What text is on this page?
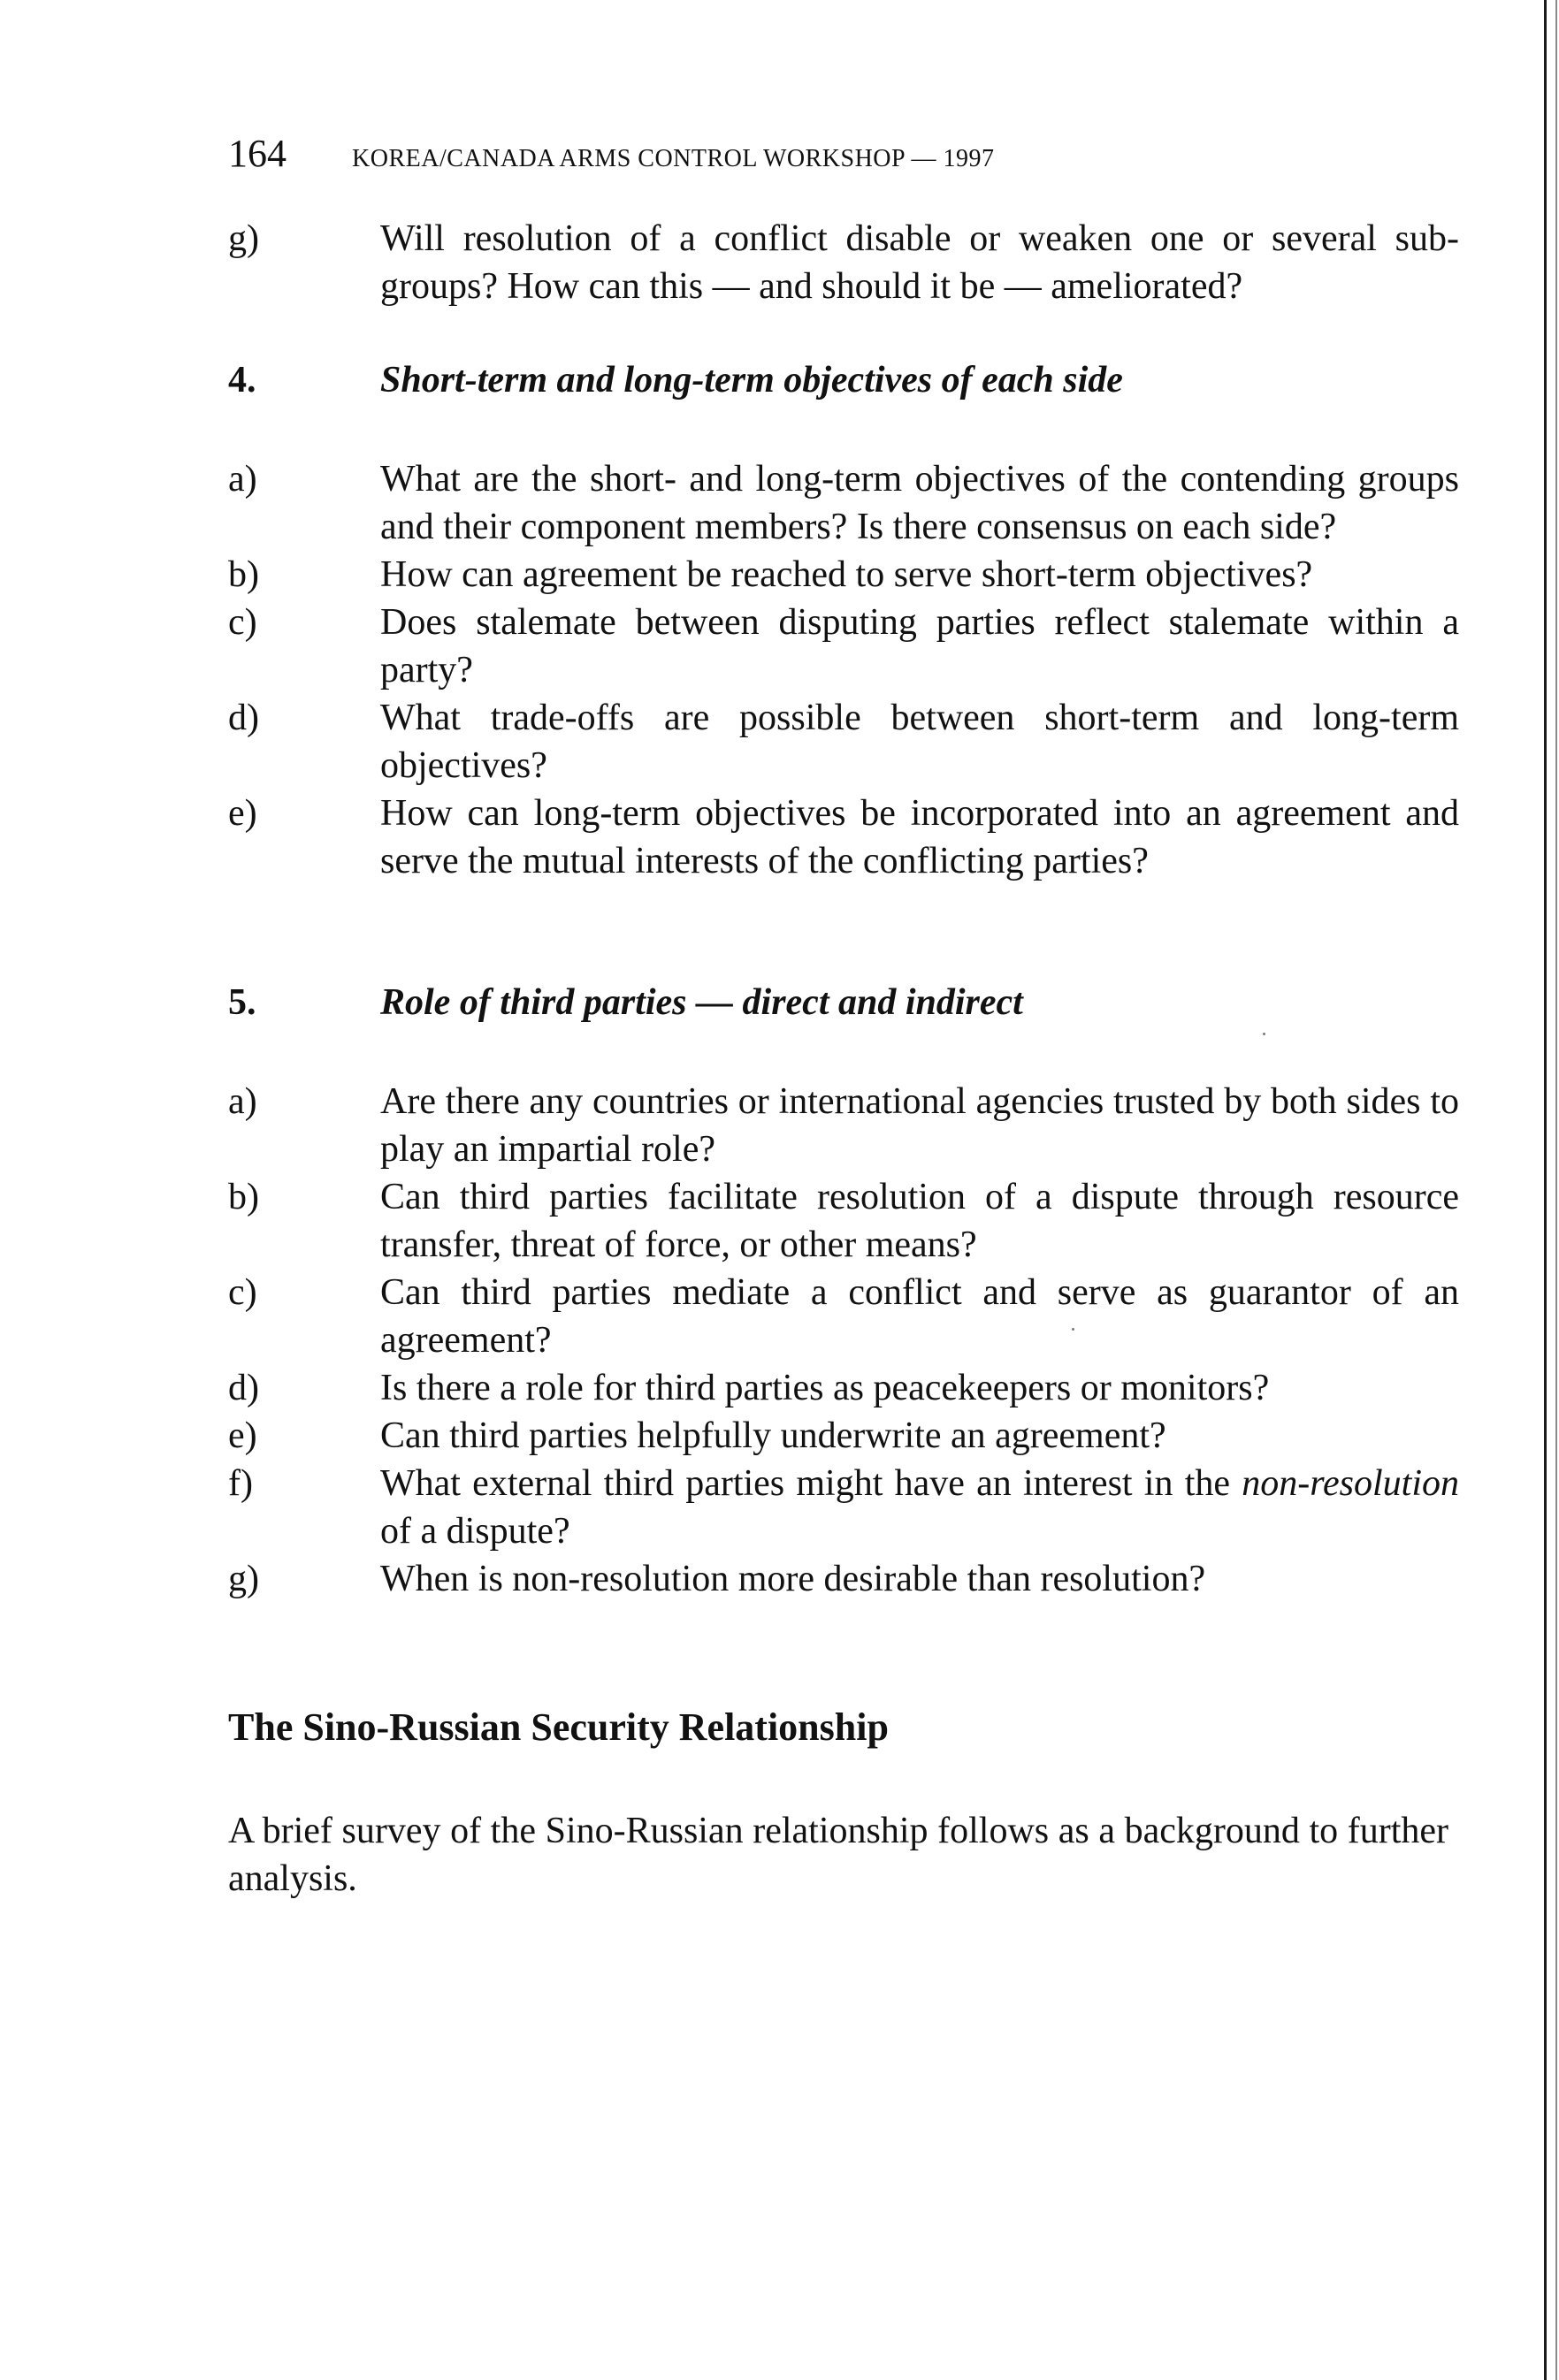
164	KOREA/CANADA ARMS CONTROL WORKSHOP — 1997
g)	Will resolution of a conflict disable or weaken one or several sub-groups? How can this — and should it be — ameliorated?
4.	Short-term and long-term objectives of each side
a)	What are the short- and long-term objectives of the contending groups and their component members? Is there consensus on each side?
b)	How can agreement be reached to serve short-term objectives?
c)	Does stalemate between disputing parties reflect stalemate within a party?
d)	What trade-offs are possible between short-term and long-term objectives?
e)	How can long-term objectives be incorporated into an agreement and serve the mutual interests of the conflicting parties?
5.	Role of third parties — direct and indirect
a)	Are there any countries or international agencies trusted by both sides to play an impartial role?
b)	Can third parties facilitate resolution of a dispute through resource transfer, threat of force, or other means?
c)	Can third parties mediate a conflict and serve as guarantor of an agreement?
d)	Is there a role for third parties as peacekeepers or monitors?
e)	Can third parties helpfully underwrite an agreement?
f)	What external third parties might have an interest in the non-resolution of a dispute?
g)	When is non-resolution more desirable than resolution?
The Sino-Russian Security Relationship
A brief survey of the Sino-Russian relationship follows as a background to further analysis.
